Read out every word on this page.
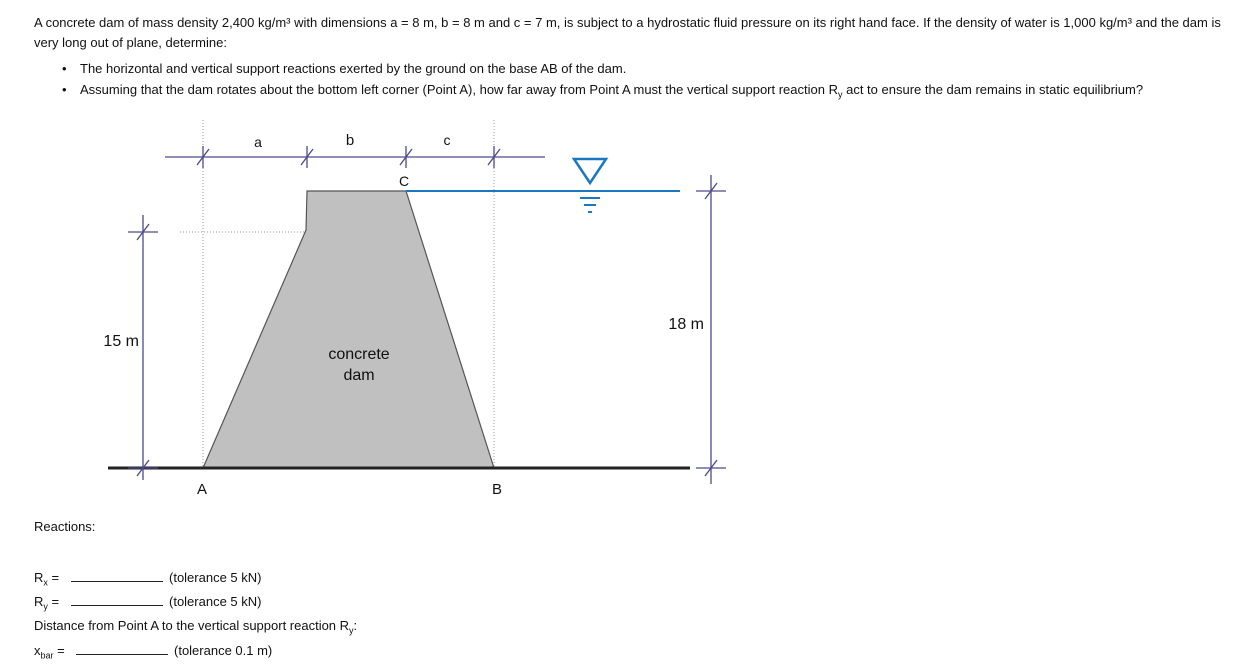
A concrete dam of mass density 2,400 kg/m³ with dimensions a = 8 m, b = 8 m and c = 7 m, is subject to a hydrostatic fluid pressure on its right hand face. If the density of water is 1,000 kg/m³ and the dam is very long out of plane, determine:

• The horizontal and vertical support reactions exerted by the ground on the base AB of the dam.
• Assuming that the dam rotates about the bottom left corner (Point A), how far away from Point A must the vertical support reaction $R_y$ act to ensure the dam remains in static equilibrium?
a	b	c
C
A	B
15 m
18 m
concrete
dam
Reactions:
$R_x$ =	(tolerance 5 kN)
$R_y$ =	(tolerance 5 kN)
Distance from Point A to the vertical support reaction $R_y$:
$x_{bar}$ =	(tolerance 0.1 m)
